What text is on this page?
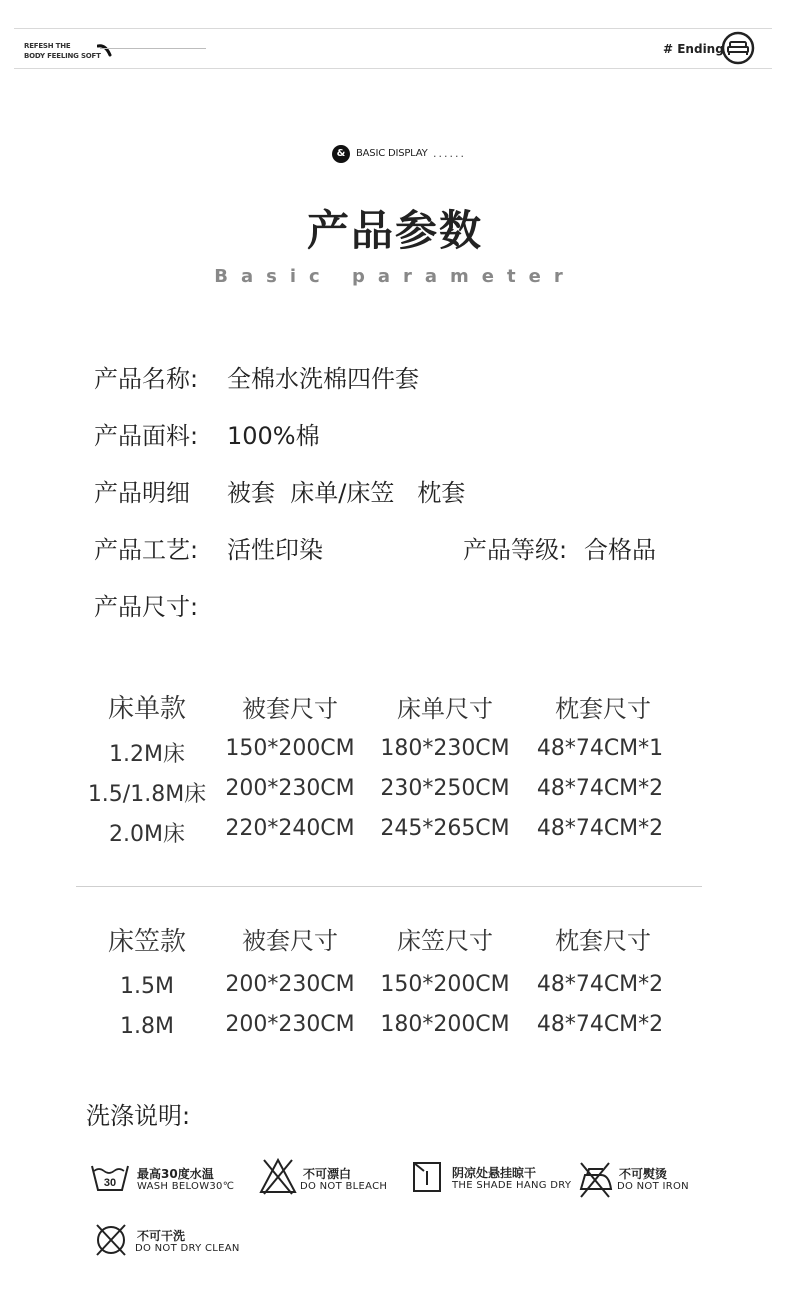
REFESH THE
BODY FEELING SOFT	# Ending
&	BASIC DISPLAY ......
产品参数
Basic parameter
产品名称: 全棉水洗棉四件套
产品面料: 100%棉
产品明细 被套  床单/床笠   枕套
产品工艺: 活性印染	产品等级: 合格品
产品尺寸:
床单款	被套尺寸	床单尺寸	枕套尺寸
1.2M床	150*200CM	180*230CM	48*74CM*1
1.5/1.8M床 200*230CM	230*250CM	48*74CM*2
2.0M床	220*240CM	245*265CM	48*74CM*2
床笠款	被套尺寸	床笠尺寸	枕套尺寸
1.5M	200*230CM	150*200CM	48*74CM*2
1.8M	200*230CM	180*200CM	48*74CM*2
洗涤说明:
30
最高30度水温
WASH BELOW30℃
不可漂白
DO NOT BLEACH
阴凉处悬挂晾干
THE SHADE HANG DRY
不可熨烫
DO NOT IRON
不可干洗
DO NOT DRY CLEAN
